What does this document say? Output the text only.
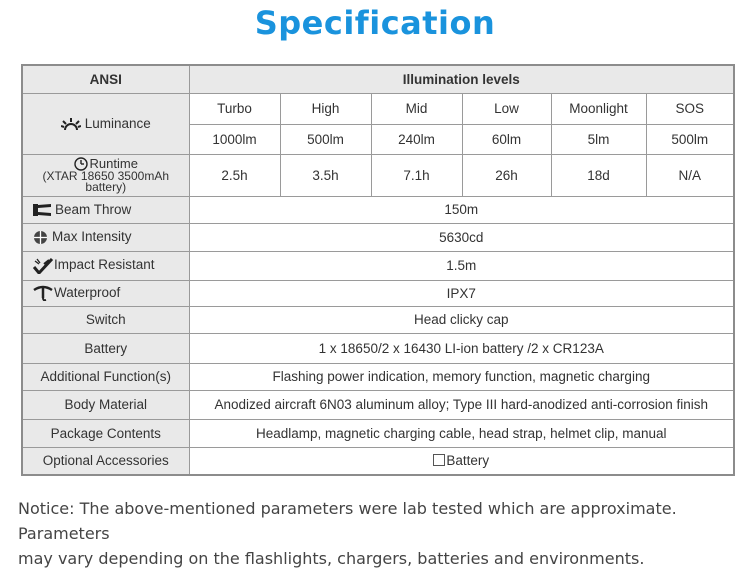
Specification
ANSI	Illumination levels					

Luminance	Turbo	High	Mid	Low	Moonlight	SOS
	1000lm	500lm	240lm	60lm	5lm	500lm

Runtime
(XTAR 18650 3500mAh
battery)	2.5h	3.5h	7.1h	26h	18d	N/A

Beam Throw	150m					

Max Intensity	5630cd					

Impact Resistant	1.5m					

Waterproof	IPX7					
Switch	Head clicky cap					
Battery	1 x 18650/2 x 16430 LI-ion battery /2 x CR123A					
Additional Function(s)	Flashing power indication, memory function, magnetic charging					
Body Material	Anodized aircraft 6N03 aluminum alloy; Type III hard-anodized anti-corrosion finish					
Package Contents	Headlamp, magnetic charging cable, head strap, helmet clip, manual					
Optional Accessories	Battery					
Notice: The above-mentioned parameters were lab tested which are approximate. Parameters
may vary depending on the flashlights, chargers, batteries and environments.
